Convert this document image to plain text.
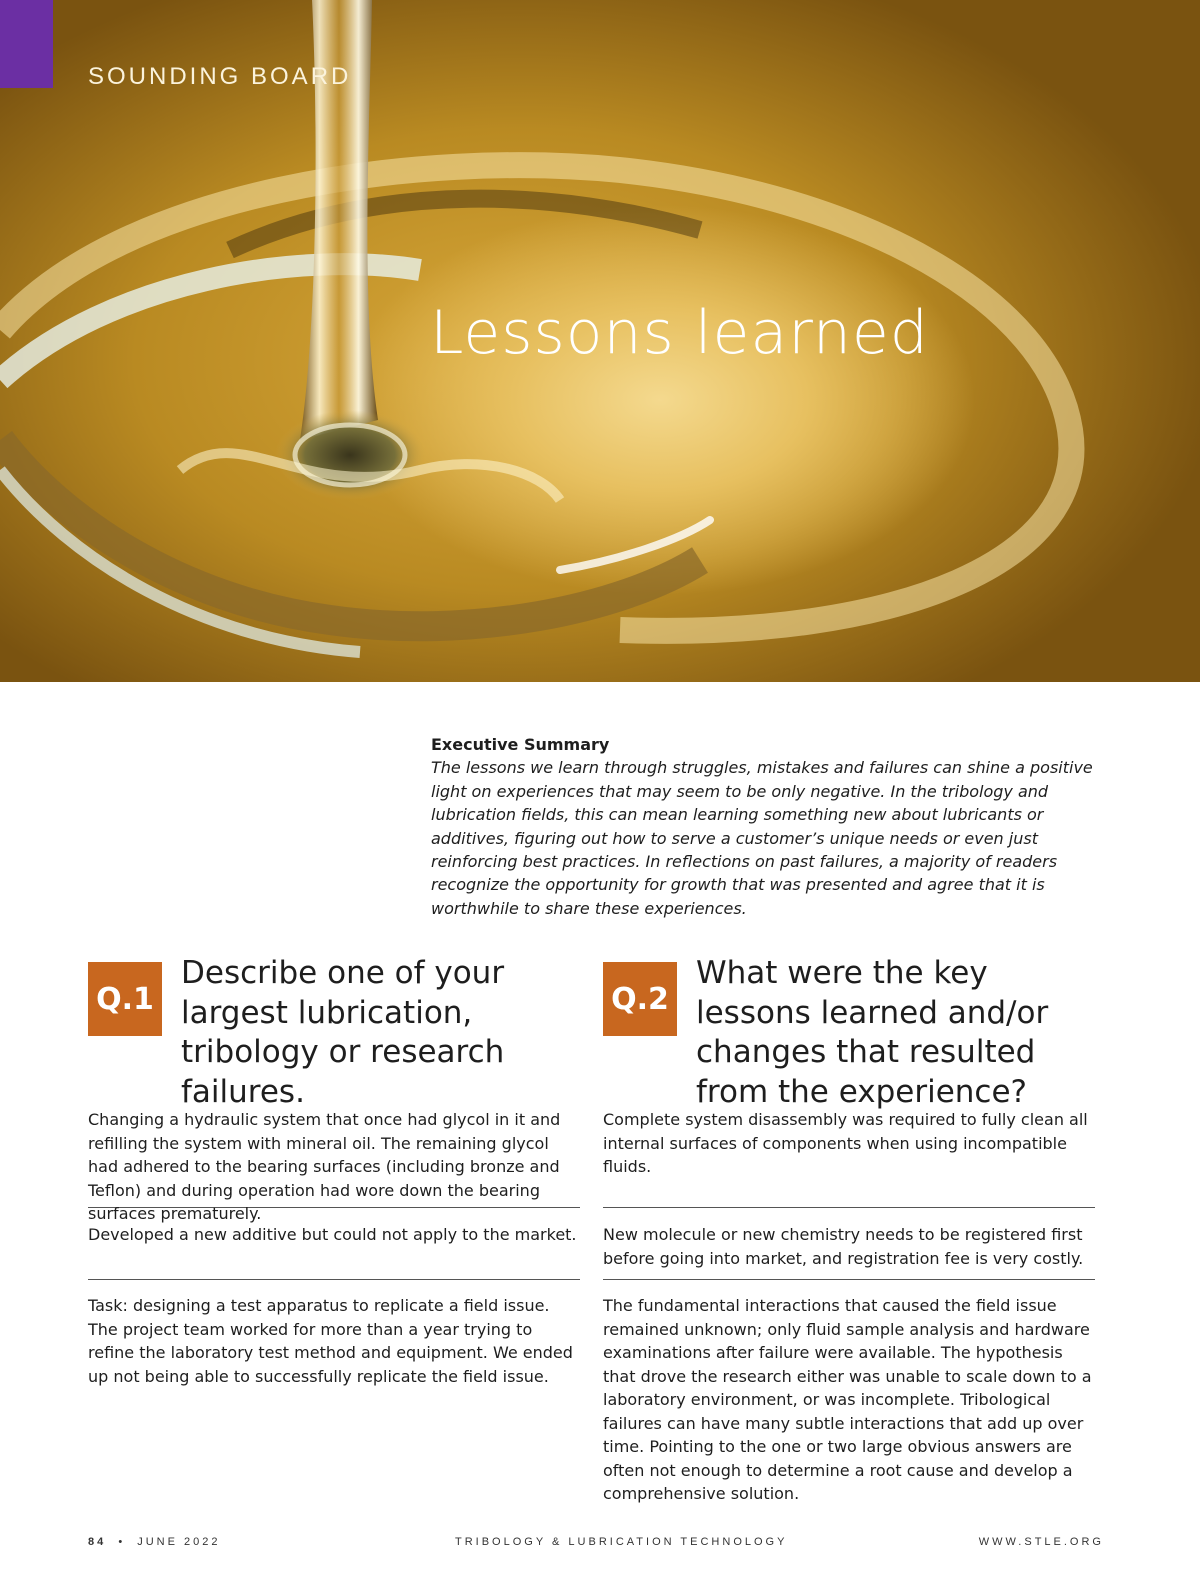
SOUNDING BOARD
Lessons learned
Executive Summary
The lessons we learn through struggles, mistakes and failures can shine a positive light on experiences that may seem to be only negative. In the tribology and lubrication fields, this can mean learning something new about lubricants or additives, figuring out how to serve a customer’s unique needs or even just reinforcing best practices. In reflections on past failures, a majority of readers recognize the opportunity for growth that was presented and agree that it is worthwhile to share these experiences.
Q.1
Describe one of your largest lubrication, tribology or research failures.
Q.2
What were the key lessons learned and/or changes that resulted from the experience?

Changing a hydraulic system that once had glycol in it and refilling the system with mineral oil. The remaining glycol had adhered to the bearing surfaces (including bronze and Teflon) and during operation had wore down the bearing surfaces prematurely.

Developed a new additive but could not apply to the market.

Task: designing a test apparatus to replicate a field issue.

The project team worked for more than a year trying to refine the laboratory test method and equipment. We ended up not being able to successfully replicate the field issue.

Complete system disassembly was required to fully clean all internal surfaces of components when using incompatible fluids.

New molecule or new chemistry needs to be registered first before going into market, and registration fee is very costly.

The fundamental interactions that caused the field issue remained unknown; only fluid sample analysis and hardware examinations after failure were available. The hypothesis that drove the research either was unable to scale down to a laboratory environment, or was incomplete. Tribological failures can have many subtle interactions that add up over time. Pointing to the one or two large obvious answers are often not enough to determine a root cause and develop a comprehensive solution.

84 • JUNE 2022	TRIBOLOGY & LUBRICATION TECHNOLOGY	WWW.STLE.ORG
